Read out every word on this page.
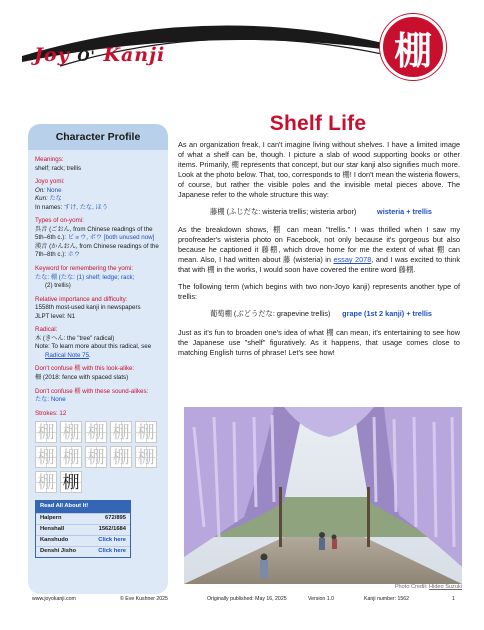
Joy O' Kanji	棚
Character Profile
Meanings:
shelf; rack; trellis
Joyo yomi:
On: None
Kun: たな
In names: すけ, たな, ほう
Types of on-yomi:
呉音 (ごおん, from Chinese readings of the 5th–6th c.): ビョウ, ボウ [both unused now]
漢音 (かんおん, from Chinese readings of the 7th–8th c.): ホウ
Keyword for remembering the yomi:
たな: 棚 (たな: (1) shelf; ledge; rack;
(2) trellis)
Relative importance and difficulty:
1558th most-used kanji in newspapers
JLPT level: N1
Radical:
木 (きへん: the "tree" radical)
Note: To learn more about this radical, see
Radical Note 75.
Don't confuse 棚 with this look-alike:
柵 (2018: fence with spaced slats)
Don't confuse 棚 with these sound-alikes:
たな: None
Strokes: 12
棚 棚 棚 棚 棚
棚 棚 棚 棚 棚
棚 棚
Read All About It!
Halpern	672/895
Henshall	1562/1684
Kanshudo	Click here
Denshi Jisho	Click here
Shelf Life

As an organization freak, I can't imagine living without shelves. I have a limited image of what a shelf can be, though. I picture a slab of wood supporting books or other items. Primarily, 棚 represents that concept, but our star kanji also signifies much more. Look at the photo below. That, too, corresponds to 棚! I don't mean the wisteria flowers, of course, but rather the visible poles and the invisible metal pieces above. The Japanese refer to the whole structure this way:

藤棚 (ふじだな: wisteria trellis; wisteria arbor)	wisteria + trellis

As the breakdown shows, 棚 can mean "trellis." I was thrilled when I saw my proofreader's wisteria photo on Facebook, not only because it's gorgeous but also because he captioned it 藤棚, which drove home for me the extent of what 棚 can mean. Also, I had written about 藤 (wisteria) in essay 2078, and I was excited to think that with 棚 in the works, I would soon have covered the entire word 藤棚.

The following term (which begins with two non-Joyo kanji) represents another type of trellis:

葡萄棚 (ぶどうだな: grapevine trellis) grape (1st 2 kanji) + trellis

Just as it's fun to broaden one's idea of what 棚 can mean, it's entertaining to see how the Japanese use "shelf" figuratively. As it happens, that usage comes close to matching English turns of phrase! Let's see how!

Photo Credit: Hideo Suzuki
www.joyokanji.com	© Eve Kushner 2025	Originally published: May 16, 2025	Version 1.0	Kanji number: 1562	1
